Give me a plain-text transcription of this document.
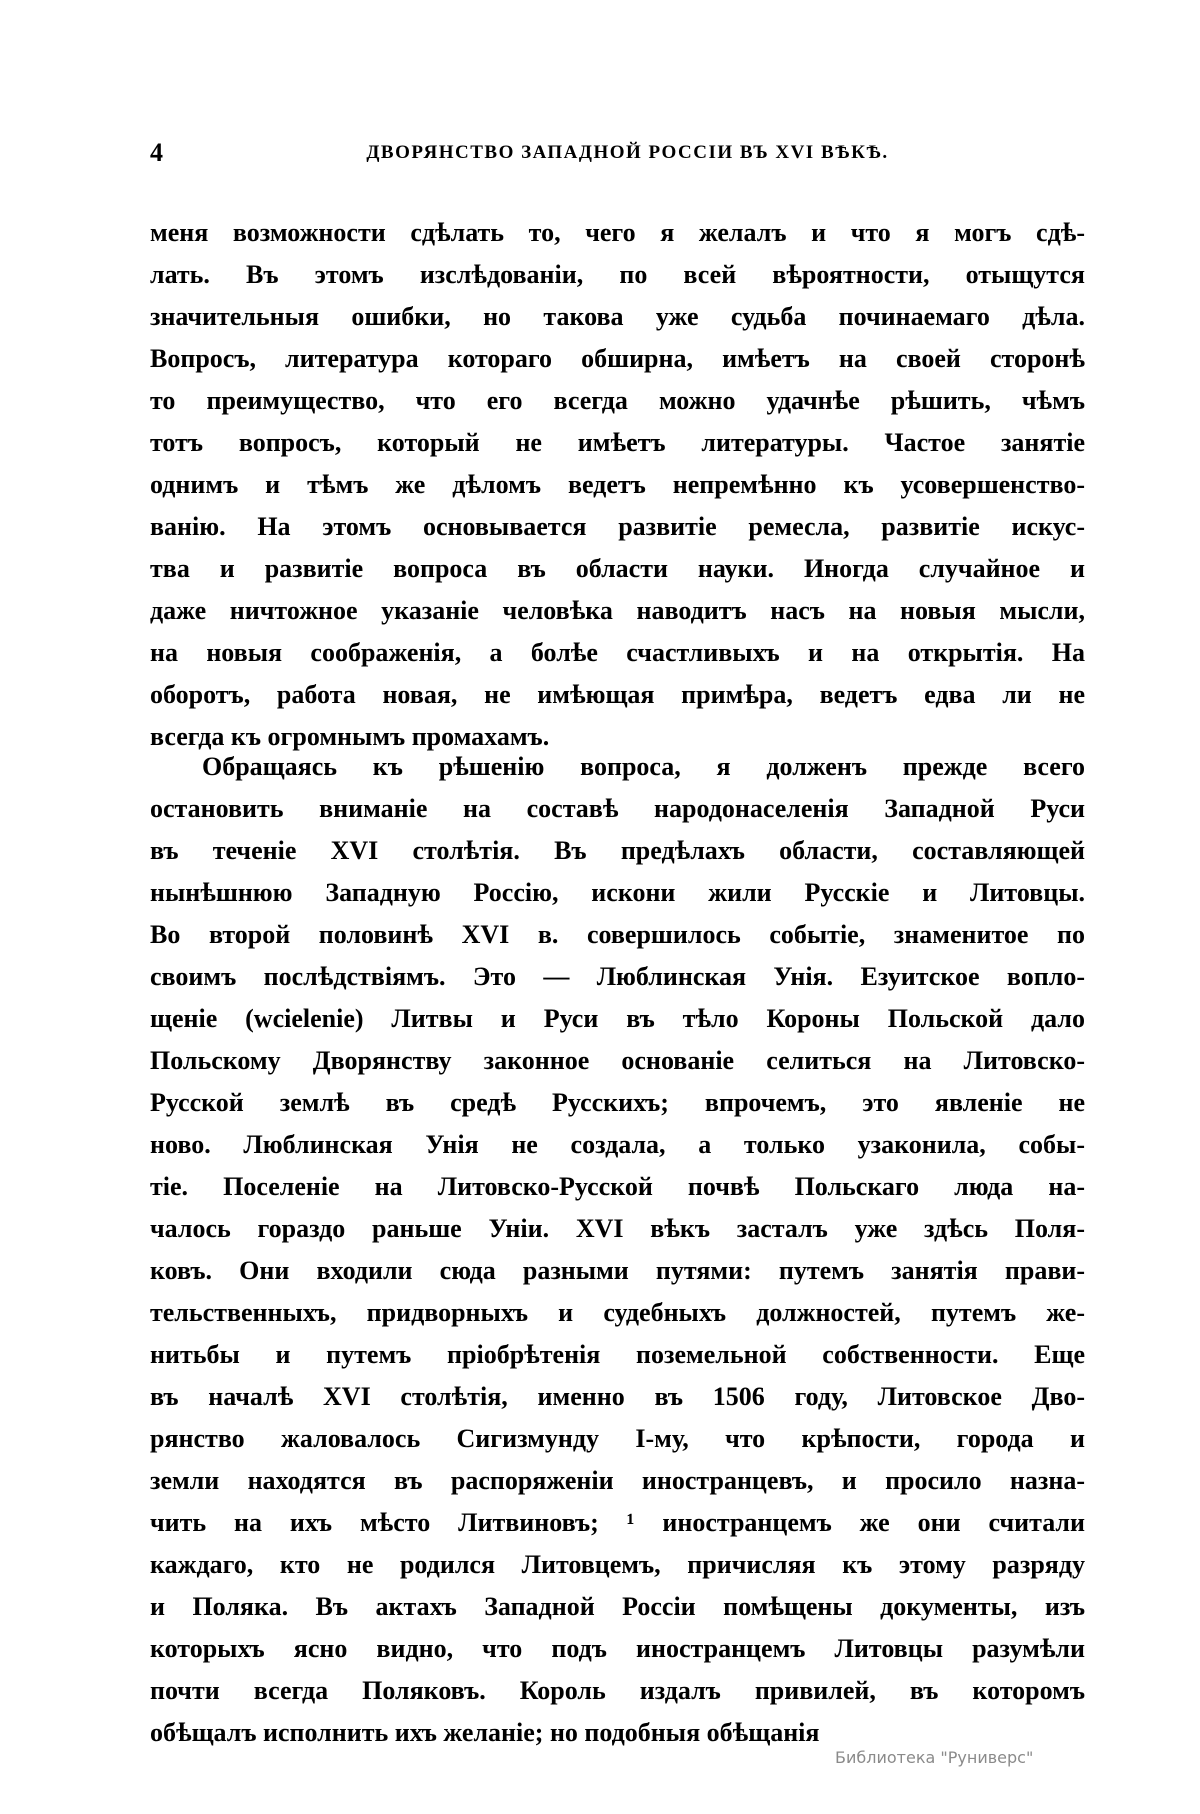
4	ДВОРЯНСТВО ЗАПАДНОЙ РОССІИ ВЪ XVI ВѢКѢ.
меня возможности сдѣлать то, чего я желалъ и что я могъ сдѣ-
лать. Въ этомъ изслѣдованіи, по всей вѣроятности, отыщутся
значительныя ошибки, но такова уже судьба починаемаго дѣла.
Вопросъ, литература котораго обширна, имѣетъ на своей сторонѣ
то преимущество, что его всегда можно удачнѣе рѣшить, чѣмъ
тотъ вопросъ, который не имѣетъ литературы. Частое занятіе
однимъ и тѣмъ же дѣломъ ведетъ непремѣнно къ усовершенство-
ванію. На этомъ основывается развитіе ремесла, развитіе искус-
тва и развитіе вопроса въ области науки. Иногда случайное и
даже ничтожное указаніе человѣка наводитъ насъ на новыя мысли,
на новыя соображенія, а болѣе счастливыхъ и на открытія. На
оборотъ, работа новая, не имѣющая примѣра, ведетъ едва ли не
всегда къ огромнымъ промахамъ.
Обращаясь къ рѣшенію вопроса, я долженъ прежде всего
остановить вниманіе на составѣ народонаселенія Западной Руси
въ теченіе XVI столѣтія. Въ предѣлахъ области, составляющей
нынѣшнюю Западную Россію, искони жили Русскіе и Литовцы.
Во второй половинѣ XVI в. совершилось событіе, знаменитое по
своимъ послѣдствіямъ. Это — Люблинская Унія. Езуитское вопло-
щеніе (wcielenie) Литвы и Руси въ тѣло Короны Польской дало
Польскому Дворянству законное основаніе селиться на Литовско-
Русской землѣ въ средѣ Русскихъ; впрочемъ, это явленіе не
ново. Люблинская Унія не создала, а только узаконила, собы-
тіе. Поселеніе на Литовско-Русской почвѣ Польскаго люда на-
чалось гораздо раньше Уніи. XVI вѣкъ засталъ уже здѣсь Поля-
ковъ. Они входили сюда разными путями: путемъ занятія прави-
тельственныхъ, придворныхъ и судебныхъ должностей, путемъ же-
нитьбы и путемъ пріобрѣтенія поземельной собственности. Еще
въ началѣ XVI столѣтія, именно въ 1506 году, Литовское Дво-
рянство жаловалось Сигизмунду І-му, что крѣпости, города и
земли находятся въ распоряженіи иностранцевъ, и просило назна-
чить на ихъ мѣсто Литвиновъ; ¹ иностранцемъ же они считали
каждаго, кто не родился Литовцемъ, причисляя къ этому разряду
и Поляка. Въ актахъ Западной Россіи помѣщены документы, изъ
которыхъ ясно видно, что подъ иностранцемъ Литовцы разумѣли
почти всегда Поляковъ. Король издалъ привилей, въ которомъ
обѣщалъ исполнить ихъ желаніе; но подобныя обѣщанія
Библиотека "Руниверс"
